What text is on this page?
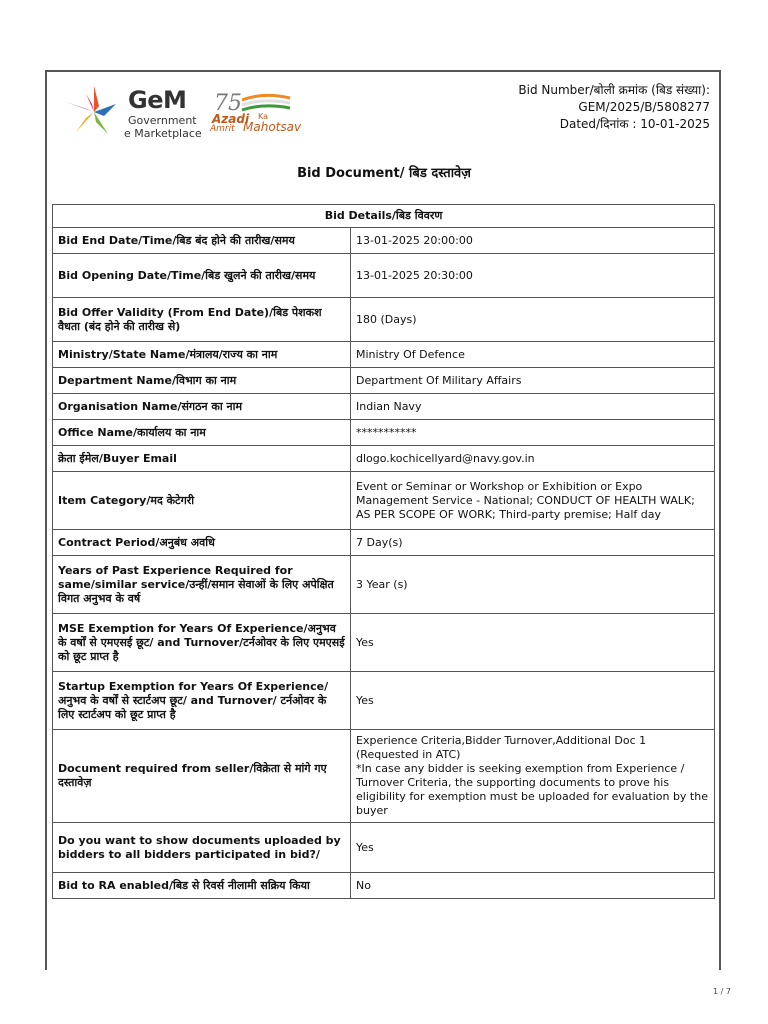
GeM
Government
e Marketplace
75
Azadi Ka
Amrit Mahotsav
Bid Number/बोली क्रमांक (बिड संख्या):
GEM/2025/B/5808277
Dated/दिनांक : 10-01-2025
Bid Document/ बिड दस्तावेज़
Bid Details/बिड विवरण	
Bid End Date/Time/बिड बंद होने की तारीख/समय	13-01-2025 20:00:00
Bid Opening Date/Time/बिड खुलने की तारीख/समय	13-01-2025 20:30:00
Bid Offer Validity (From End Date)/बिड पेशकश वैधता (बंद होने की तारीख से)	180 (Days)
Ministry/State Name/मंत्रालय/राज्य का नाम	Ministry Of Defence
Department Name/विभाग का नाम	Department Of Military Affairs
Organisation Name/संगठन का नाम	Indian Navy
Office Name/कार्यालय का नाम	***********
क्रेता ईमेल/Buyer Email	dlogo.kochicellyard@navy.gov.in
Item Category/मद केटेगरी	Event or Seminar or Workshop or Exhibition or Expo Management Service - National; CONDUCT OF HEALTH WALK; AS PER SCOPE OF WORK; Third-party premise; Half day
Contract Period/अनुबंध अवधि	7 Day(s)
Years of Past Experience Required for same/similar service/उन्हीं/समान सेवाओं के लिए अपेक्षित विगत अनुभव के वर्ष	3 Year (s)
MSE Exemption for Years Of Experience/अनुभव के वर्षों से एमएसई छूट/ and Turnover/टर्नओवर के लिए एमएसई को छूट प्राप्त है	Yes
Startup Exemption for Years Of Experience/अनुभव के वर्षों से स्टार्टअप छूट/ and Turnover/ टर्नओवर के लिए स्टार्टअप को छूट प्राप्त है	Yes
Document required from seller/विक्रेता से मांगे गए दस्तावेज़	Experience Criteria,Bidder Turnover,Additional Doc 1 (Requested in ATC)
*In case any bidder is seeking exemption from Experience / Turnover Criteria, the supporting documents to prove his eligibility for exemption must be uploaded for evaluation by the buyer
Do you want to show documents uploaded by bidders to all bidders participated in bid?/	Yes
Bid to RA enabled/बिड से रिवर्स नीलामी सक्रिय किया	No
1 / 7
